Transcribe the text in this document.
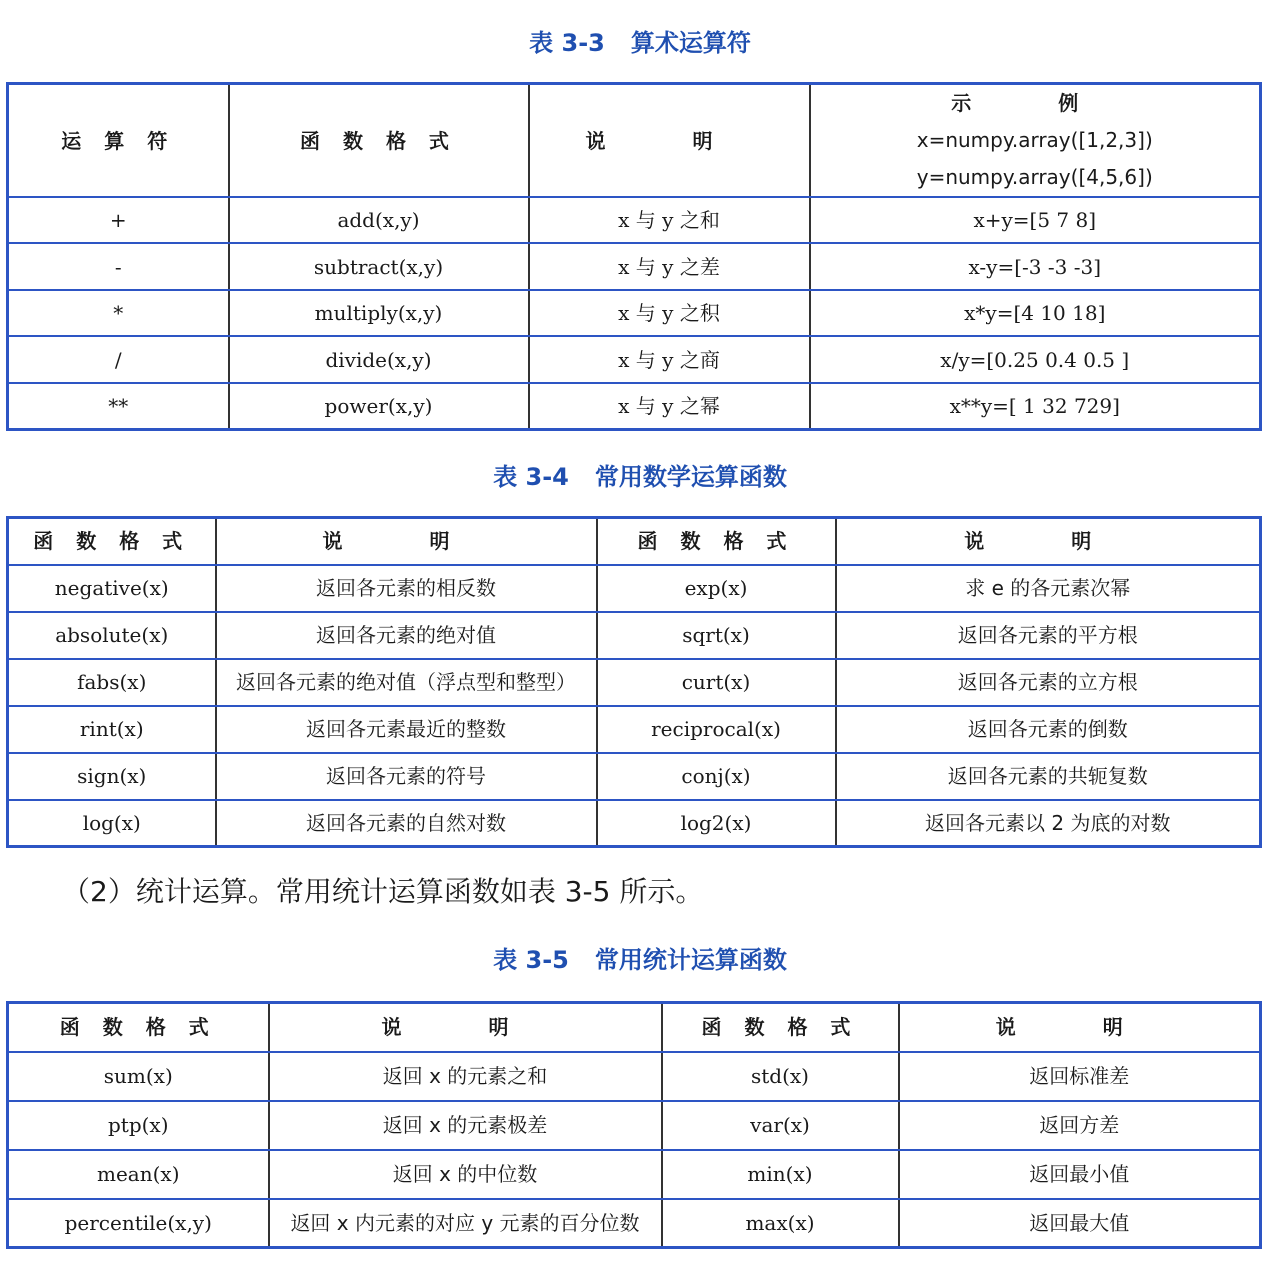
表 3-3 算术运算符
运 算 符	函 数 格 式	说 明	示 例
x=numpy.array([1,2,3])
y=numpy.array([4,5,6])

+	add(x,y)	x 与 y 之和	x+y=[5 7 8]
-	subtract(x,y)	x 与 y 之差	x-y=[-3 -3 -3]
*	multiply(x,y)	x 与 y 之积	x*y=[4 10 18]
/	divide(x,y)	x 与 y 之商	x/y=[0.25 0.4 0.5 ]
**	power(x,y)	x 与 y 之幂	x**y=[ 1 32 729]
表 3-4 常用数学运算函数
函 数 格 式	说 明	函 数 格 式	说 明
negative(x)	返回各元素的相反数	exp(x)	求 e 的各元素次幂
absolute(x)	返回各元素的绝对值	sqrt(x)	返回各元素的平方根
fabs(x)	返回各元素的绝对值（浮点型和整型）	curt(x)	返回各元素的立方根
rint(x)	返回各元素最近的整数	reciprocal(x)	返回各元素的倒数
sign(x)	返回各元素的符号	conj(x)	返回各元素的共轭复数
log(x)	返回各元素的自然对数	log2(x)	返回各元素以 2 为底的对数
（2）统计运算。常用统计运算函数如表 3-5 所示。
表 3-5 常用统计运算函数
函 数 格 式	说 明	函 数 格 式	说 明
sum(x)	返回 x 的元素之和	std(x)	返回标准差
ptp(x)	返回 x 的元素极差	var(x)	返回方差
mean(x)	返回 x 的中位数	min(x)	返回最小值
percentile(x,y)	返回 x 内元素的对应 y 元素的百分位数	max(x)	返回最大值
